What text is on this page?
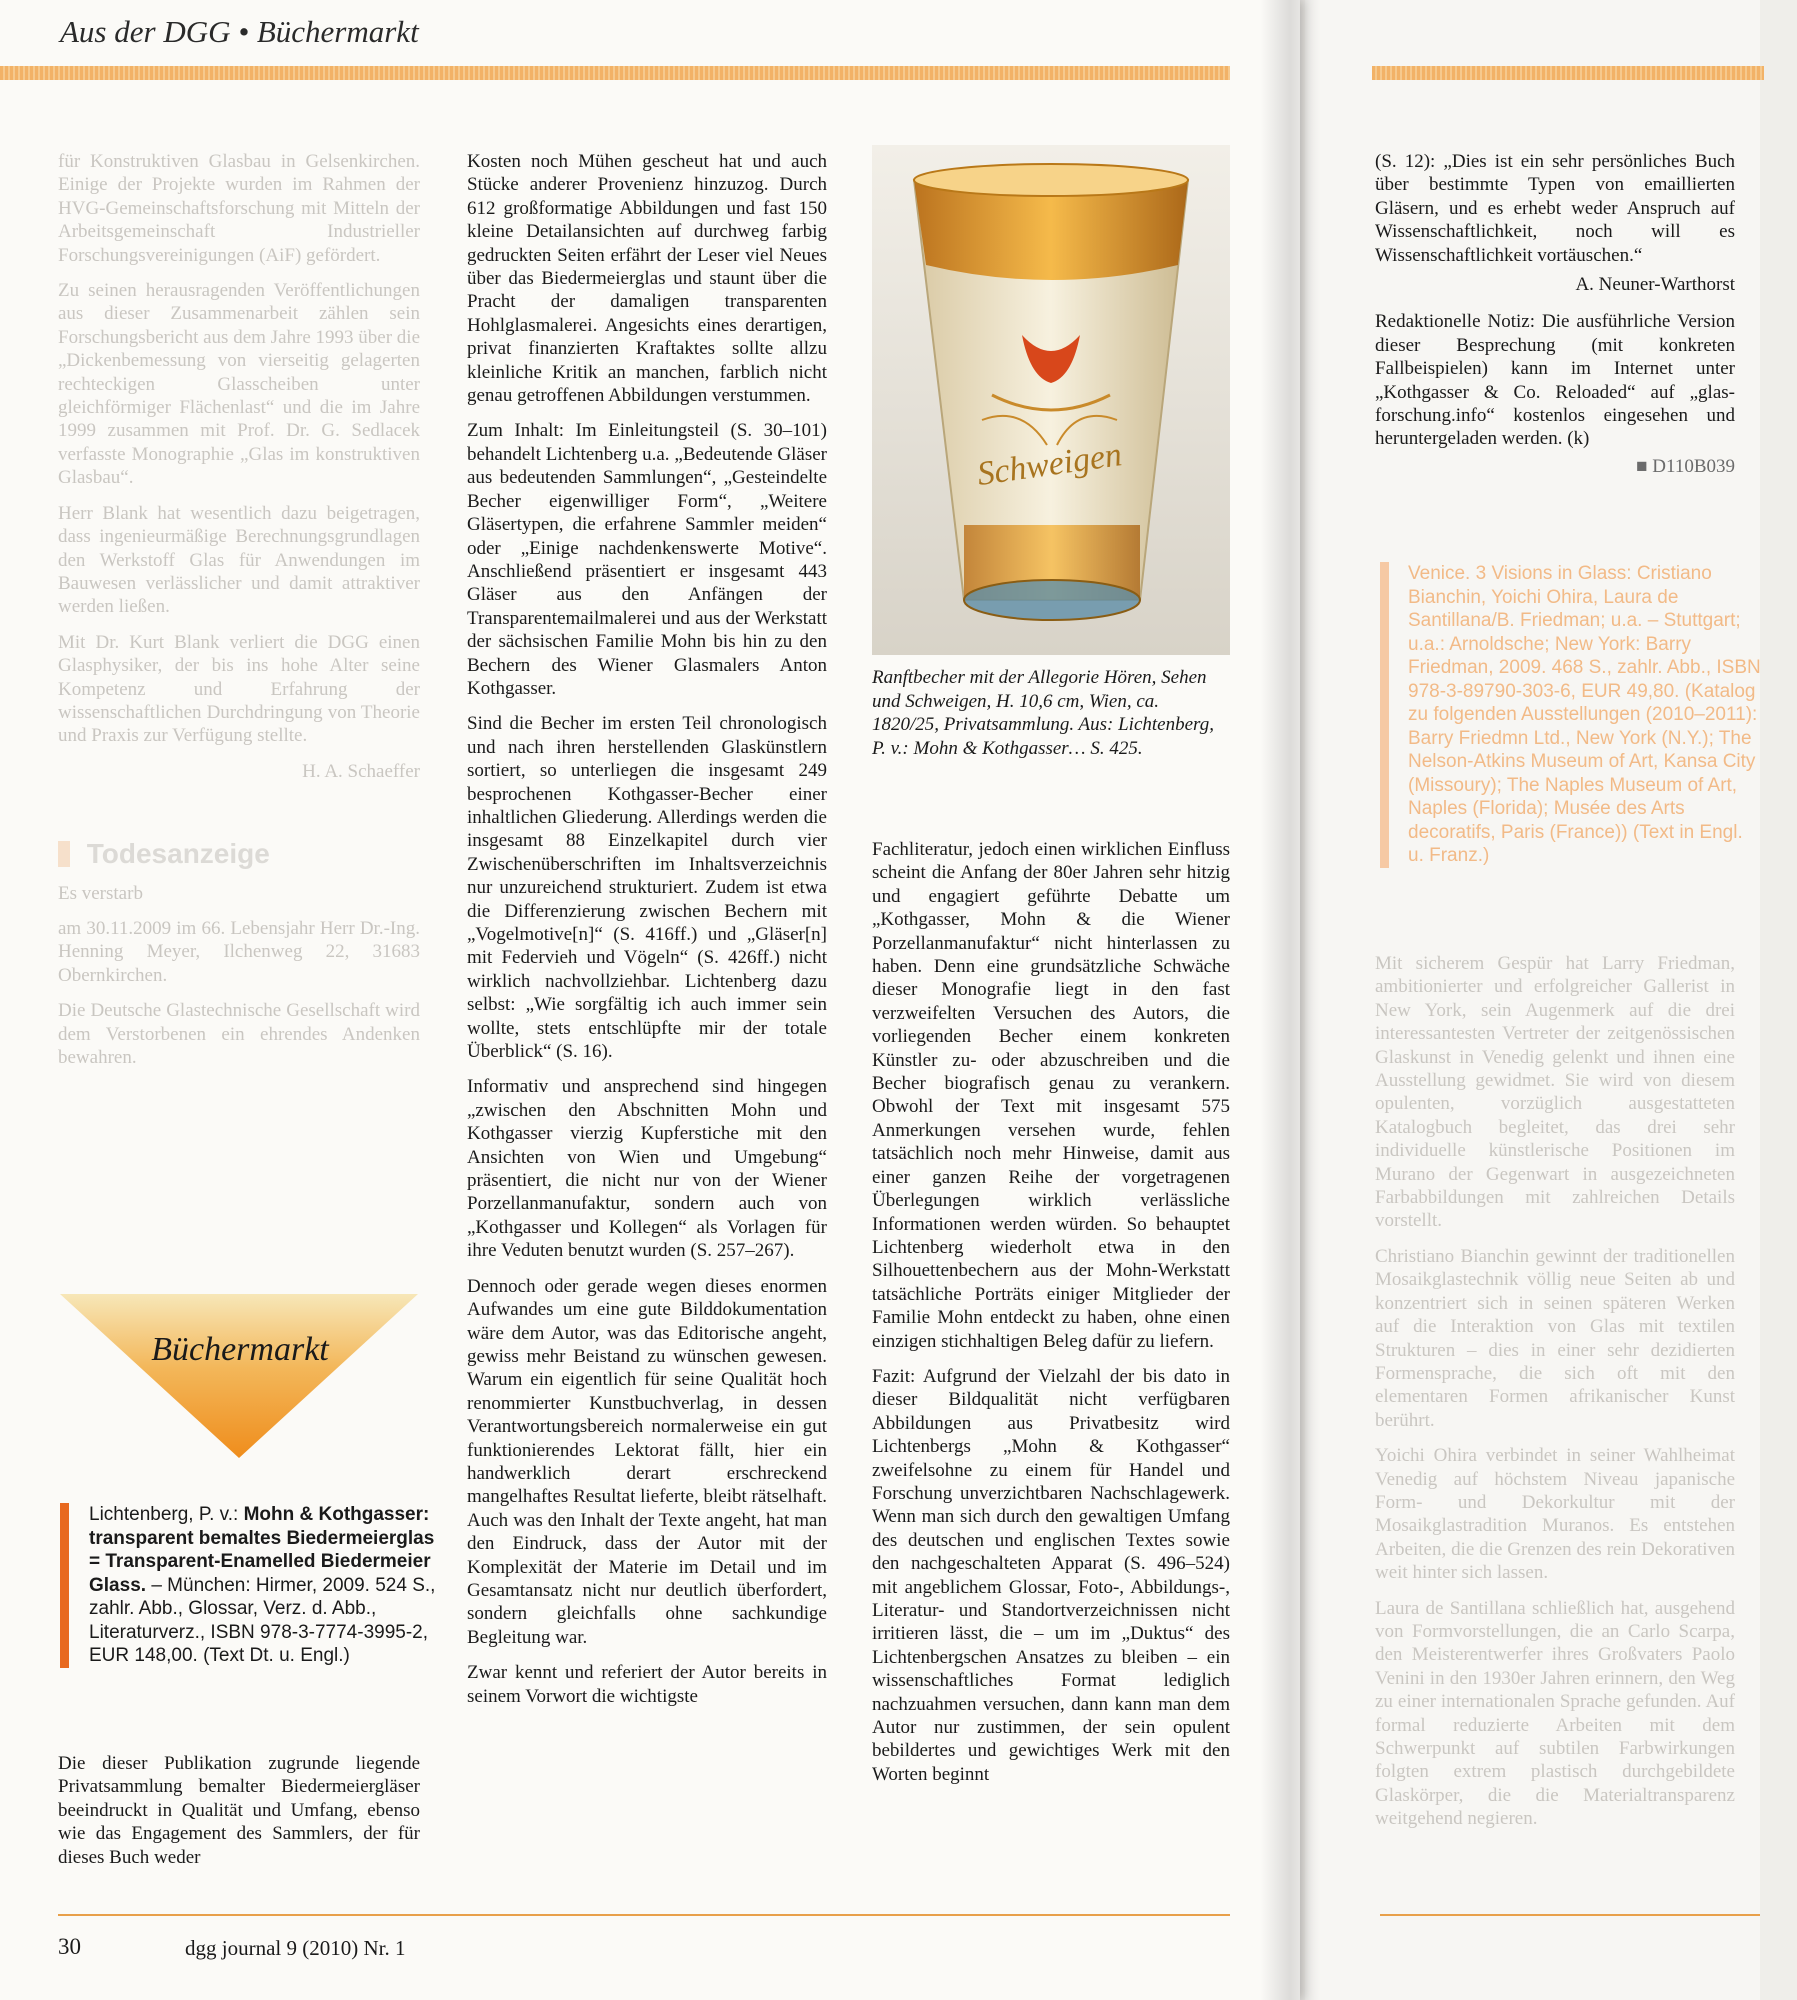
Aus der DGG • Büchermarkt

für Konstruktiven Glasbau in Gelsenkirchen. Einige der Projekte wurden im Rahmen der HVG-Gemeinschaftsforschung mit Mitteln der Arbeitsgemeinschaft Industrieller Forschungsvereinigungen (AiF) gefördert.

Zu seinen herausragenden Veröffentlichungen aus dieser Zusammenarbeit zählen sein Forschungsbericht aus dem Jahre 1993 über die „Dickenbemessung von vierseitig gelagerten rechteckigen Glasscheiben unter gleichförmiger Flächenlast“ und die im Jahre 1999 zusammen mit Prof. Dr. G. Sedlacek verfasste Monographie „Glas im konstruktiven Glasbau“.

Herr Blank hat wesentlich dazu beigetragen, dass ingenieurmäßige Berechnungsgrundlagen den Werkstoff Glas für Anwendungen im Bauwesen verlässlicher und damit attraktiver werden ließen.

Mit Dr. Kurt Blank verliert die DGG einen Glasphysiker, der bis ins hohe Alter seine Kompetenz und Erfahrung der wissenschaftlichen Durchdringung von Theorie und Praxis zur Verfügung stellte.

H. A. Schaeffer

Todesanzeige

Es verstarb

am 30.11.2009 im 66. Lebensjahr Herr Dr.-Ing. Henning Meyer, Ilchenweg 22, 31683 Obernkirchen.

Die Deutsche Glastechnische Gesellschaft wird dem Verstorbenen ein ehrendes Andenken bewahren.

Büchermarkt
Lichtenberg, P. v.: Mohn & Kothgasser: transparent bemaltes Biedermeierglas = Transparent-Enamelled Biedermeier Glass. – München: Hirmer, 2009. 524 S., zahlr. Abb., Glossar, Verz. d. Abb., Literaturverz., ISBN 978-3-7774-3995-2, EUR 148,00. (Text Dt. u. Engl.)

Die dieser Publikation zugrunde liegende Privatsammlung bemalter Biedermeiergläser beeindruckt in Qualität und Umfang, ebenso wie das Engagement des Sammlers, der für dieses Buch weder

Kosten noch Mühen gescheut hat und auch Stücke anderer Provenienz hinzuzog. Durch 612 großformatige Abbildungen und fast 150 kleine Detailansichten auf durchweg farbig gedruckten Seiten erfährt der Leser viel Neues über das Biedermeierglas und staunt über die Pracht der damaligen transparenten Hohlglasmalerei. Angesichts eines derartigen, privat finanzierten Kraftaktes sollte allzu kleinliche Kritik an manchen, farblich nicht genau getroffenen Abbildungen verstummen.

Zum Inhalt: Im Einleitungsteil (S. 30–101) behandelt Lichtenberg u.a. „Bedeutende Gläser aus bedeutenden Sammlungen“, „Gesteindelte Becher eigenwilliger Form“, „Weitere Gläsertypen, die erfahrene Sammler meiden“ oder „Einige nachdenkenswerte Motive“. Anschließend präsentiert er insgesamt 443 Gläser aus den Anfängen der Transparentemailmalerei und aus der Werkstatt der sächsischen Familie Mohn bis hin zu den Bechern des Wiener Glasmalers Anton Kothgasser.

Sind die Becher im ersten Teil chronologisch und nach ihren herstellenden Glaskünstlern sortiert, so unterliegen die insgesamt 249 besprochenen Kothgasser-Becher einer inhaltlichen Gliederung. Allerdings werden die insgesamt 88 Einzelkapitel durch vier Zwischenüberschriften im Inhaltsverzeichnis nur unzureichend strukturiert. Zudem ist etwa die Differenzierung zwischen Bechern mit „Vogelmotive[n]“ (S. 416ff.) und „Gläser[n] mit Federvieh und Vögeln“ (S. 426ff.) nicht wirklich nachvollziehbar. Lichtenberg dazu selbst: „Wie sorgfältig ich auch immer sein wollte, stets entschlüpfte mir der totale Überblick“ (S. 16).

Informativ und ansprechend sind hingegen „zwischen den Abschnitten Mohn und Kothgasser vierzig Kupferstiche mit den Ansichten von Wien und Umgebung“ präsentiert, die nicht nur von der Wiener Porzellanmanufaktur, sondern auch von „Kothgasser und Kollegen“ als Vorlagen für ihre Veduten benutzt wurden (S. 257–267).

Dennoch oder gerade wegen dieses enormen Aufwandes um eine gute Bilddokumentation wäre dem Autor, was das Editorische angeht, gewiss mehr Beistand zu wünschen gewesen. Warum ein eigentlich für seine Qualität hoch renommierter Kunstbuchverlag, in dessen Verantwortungsbereich normalerweise ein gut funktionierendes Lektorat fällt, hier ein handwerklich derart erschreckend mangelhaftes Resultat lieferte, bleibt rätselhaft. Auch was den Inhalt der Texte angeht, hat man den Eindruck, dass der Autor mit der Komplexität der Materie im Detail und im Gesamtansatz nicht nur deutlich überfordert, sondern gleichfalls ohne sachkundige Begleitung war.

Zwar kennt und referiert der Autor bereits in seinem Vorwort die wichtigste

Schweigen
Ranftbecher mit der Allegorie Hören, Sehen und Schweigen, H. 10,6 cm, Wien, ca. 1820/25, Privatsammlung. Aus: Lichtenberg, P. v.: Mohn & Kothgasser… S. 425.

Fachliteratur, jedoch einen wirklichen Einfluss scheint die Anfang der 80er Jahren sehr hitzig und engagiert geführte Debatte um „Kothgasser, Mohn & die Wiener Porzellanmanufaktur“ nicht hinterlassen zu haben. Denn eine grundsätzliche Schwäche dieser Monografie liegt in den fast verzweifelten Versuchen des Autors, die vorliegenden Becher einem konkreten Künstler zu- oder abzuschreiben und die Becher biografisch genau zu verankern. Obwohl der Text mit insgesamt 575 Anmerkungen versehen wurde, fehlen tatsächlich noch mehr Hinweise, damit aus einer ganzen Reihe der vorgetragenen Überlegungen wirklich verlässliche Informationen werden würden. So behauptet Lichtenberg wiederholt etwa in den Silhouettenbechern aus der Mohn-Werkstatt tatsächliche Porträts einiger Mitglieder der Familie Mohn entdeckt zu haben, ohne einen einzigen stichhaltigen Beleg dafür zu liefern.

Fazit: Aufgrund der Vielzahl der bis dato in dieser Bildqualität nicht verfügbaren Abbildungen aus Privatbesitz wird Lichtenbergs „Mohn & Kothgasser“ zweifelsohne zu einem für Handel und Forschung unverzichtbaren Nachschlagewerk. Wenn man sich durch den gewaltigen Umfang des deutschen und englischen Textes sowie den nachgeschalteten Apparat (S. 496–524) mit angeblichem Glossar, Foto-, Abbildungs-, Literatur- und Standortverzeichnissen nicht irritieren lässt, die – um im „Duktus“ des Lichtenbergschen Ansatzes zu bleiben – ein wissenschaftliches Format lediglich nachzuahmen versuchen, dann kann man dem Autor nur zustimmen, der sein opulent bebildertes und gewichtiges Werk mit den Worten beginnt

(S. 12): „Dies ist ein sehr persönliches Buch über bestimmte Typen von emaillierten Gläsern, und es erhebt weder Anspruch auf Wissenschaftlichkeit, noch will es Wissenschaftlichkeit vortäuschen.“

A. Neuner-Warthorst

Redaktionelle Notiz: Die ausführliche Version dieser Besprechung (mit konkreten Fallbeispielen) kann im Internet unter „Kothgasser & Co. Reloaded“ auf „glas-forschung.info“ kostenlos eingesehen und heruntergeladen werden. (k)

■ D110B039

Venice. 3 Visions in Glass: Cristiano Bianchin, Yoichi Ohira, Laura de Santillana/B. Friedman; u.a. – Stuttgart; u.a.: Arnoldsche; New York: Barry Friedman, 2009. 468 S., zahlr. Abb., ISBN 978-3-89790-303-6, EUR 49,80. (Katalog zu folgenden Ausstellungen (2010–2011): Barry Friedmn Ltd., New York (N.Y.); The Nelson-Atkins Museum of Art, Kansa City (Missoury); The Naples Museum of Art, Naples (Florida); Musée des Arts decoratifs, Paris (France)) (Text in Engl. u. Franz.)

Mit sicherem Gespür hat Larry Friedman, ambitionierter und erfolgreicher Gallerist in New York, sein Augenmerk auf die drei interessantesten Vertreter der zeitgenössischen Glaskunst in Venedig gelenkt und ihnen eine Ausstellung gewidmet. Sie wird von diesem opulenten, vorzüglich ausgestatteten Katalogbuch begleitet, das drei sehr individuelle künstlerische Positionen im Murano der Gegenwart in ausgezeichneten Farbabbildungen mit zahlreichen Details vorstellt.

Christiano Bianchin gewinnt der traditionellen Mosaikglastechnik völlig neue Seiten ab und konzentriert sich in seinen späteren Werken auf die Interaktion von Glas mit textilen Strukturen – dies in einer sehr dezidierten Formensprache, die sich oft mit den elementaren Formen afrikanischer Kunst berührt.

Yoichi Ohira verbindet in seiner Wahlheimat Venedig auf höchstem Niveau japanische Form- und Dekorkultur mit der Mosaikglastradition Muranos. Es entstehen Arbeiten, die die Grenzen des rein Dekorativen weit hinter sich lassen.

Laura de Santillana schließlich hat, ausgehend von Formvorstellungen, die an Carlo Scarpa, den Meisterentwerfer ihres Großvaters Paolo Venini in den 1930er Jahren erinnern, den Weg zu einer internationalen Sprache gefunden. Auf formal reduzierte Arbeiten mit dem Schwerpunkt auf subtilen Farbwirkungen folgten extrem plastisch durchgebildete Glaskörper, die die Materialtransparenz weitgehend negieren.

30	dgg journal 9 (2010) Nr. 1
